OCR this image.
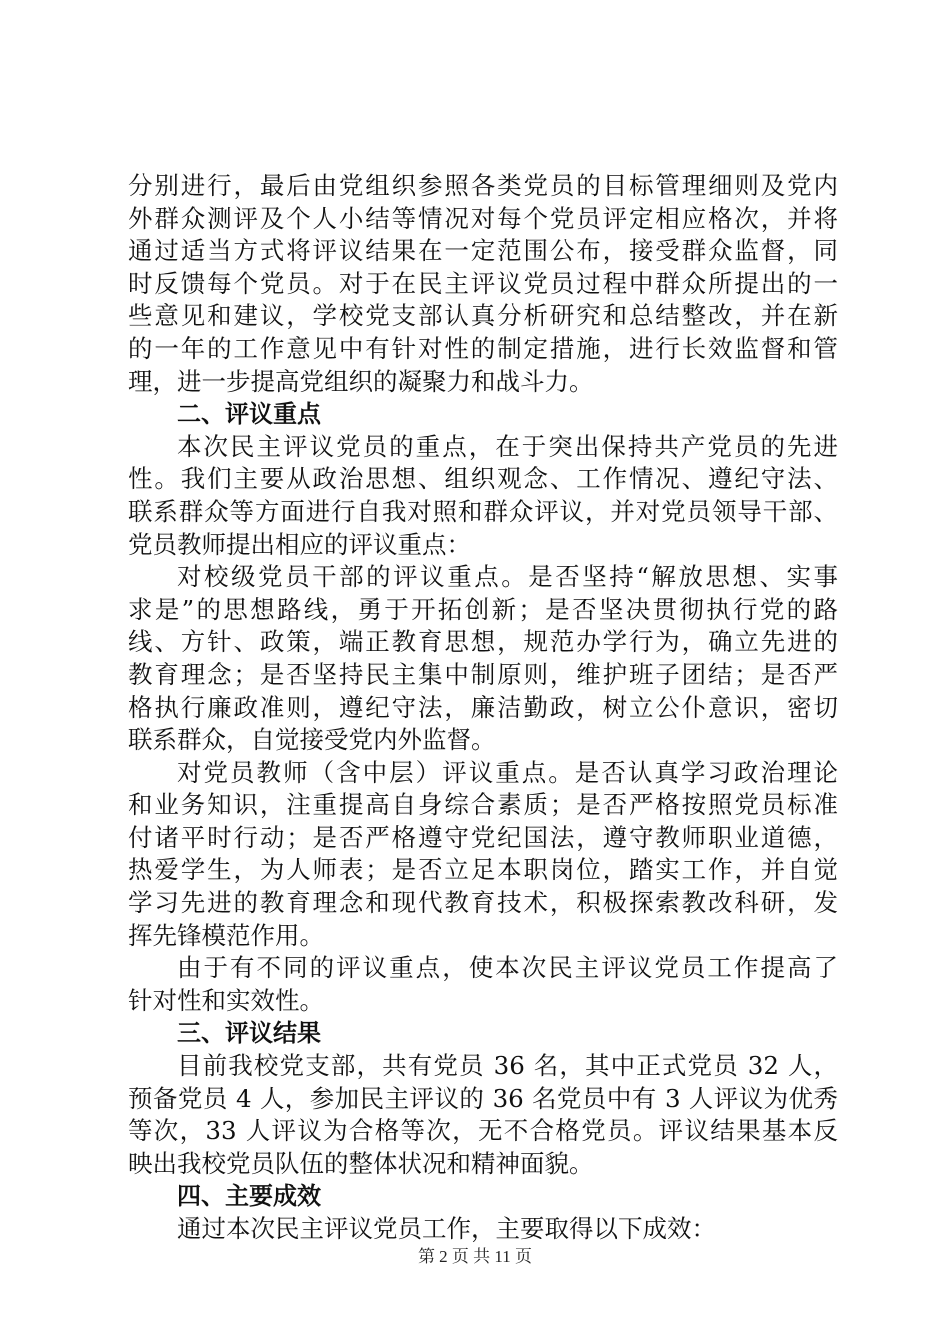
分别进行，最后由党组织参照各类党员的目标管理细则及党内
外群众测评及个人小结等情况对每个党员评定相应格次，并将
通过适当方式将评议结果在一定范围公布，接受群众监督，同
时反馈每个党员。对于在民主评议党员过程中群众所提出的一
些意见和建议，学校党支部认真分析研究和总结整改，并在新
的一年的工作意见中有针对性的制定措施，进行长效监督和管
理，进一步提高党组织的凝聚力和战斗力。
二、评议重点
本次民主评议党员的重点，在于突出保持共产党员的先进
性。我们主要从政治思想、组织观念、工作情况、遵纪守法、
联系群众等方面进行自我对照和群众评议，并对党员领导干部、
党员教师提出相应的评议重点：
对校级党员干部的评议重点。是否坚持“解放思想、实事
求是”的思想路线，勇于开拓创新；是否坚决贯彻执行党的路
线、方针、政策，端正教育思想，规范办学行为，确立先进的
教育理念；是否坚持民主集中制原则，维护班子团结；是否严
格执行廉政准则，遵纪守法，廉洁勤政，树立公仆意识，密切
联系群众，自觉接受党内外监督。
对党员教师（含中层）评议重点。是否认真学习政治理论
和业务知识，注重提高自身综合素质；是否严格按照党员标准
付诸平时行动；是否严格遵守党纪国法，遵守教师职业道德，
热爱学生，为人师表；是否立足本职岗位，踏实工作，并自觉
学习先进的教育理念和现代教育技术，积极探索教改科研，发
挥先锋模范作用。
由于有不同的评议重点，使本次民主评议党员工作提高了
针对性和实效性。
三、评议结果
目前我校党支部，共有党员 36 名，其中正式党员 32 人，
预备党员 4 人，参加民主评议的 36 名党员中有 3 人评议为优秀
等次，33 人评议为合格等次，无不合格党员。评议结果基本反
映出我校党员队伍的整体状况和精神面貌。
四、主要成效
通过本次民主评议党员工作，主要取得以下成效：
第 2 页 共 11 页
